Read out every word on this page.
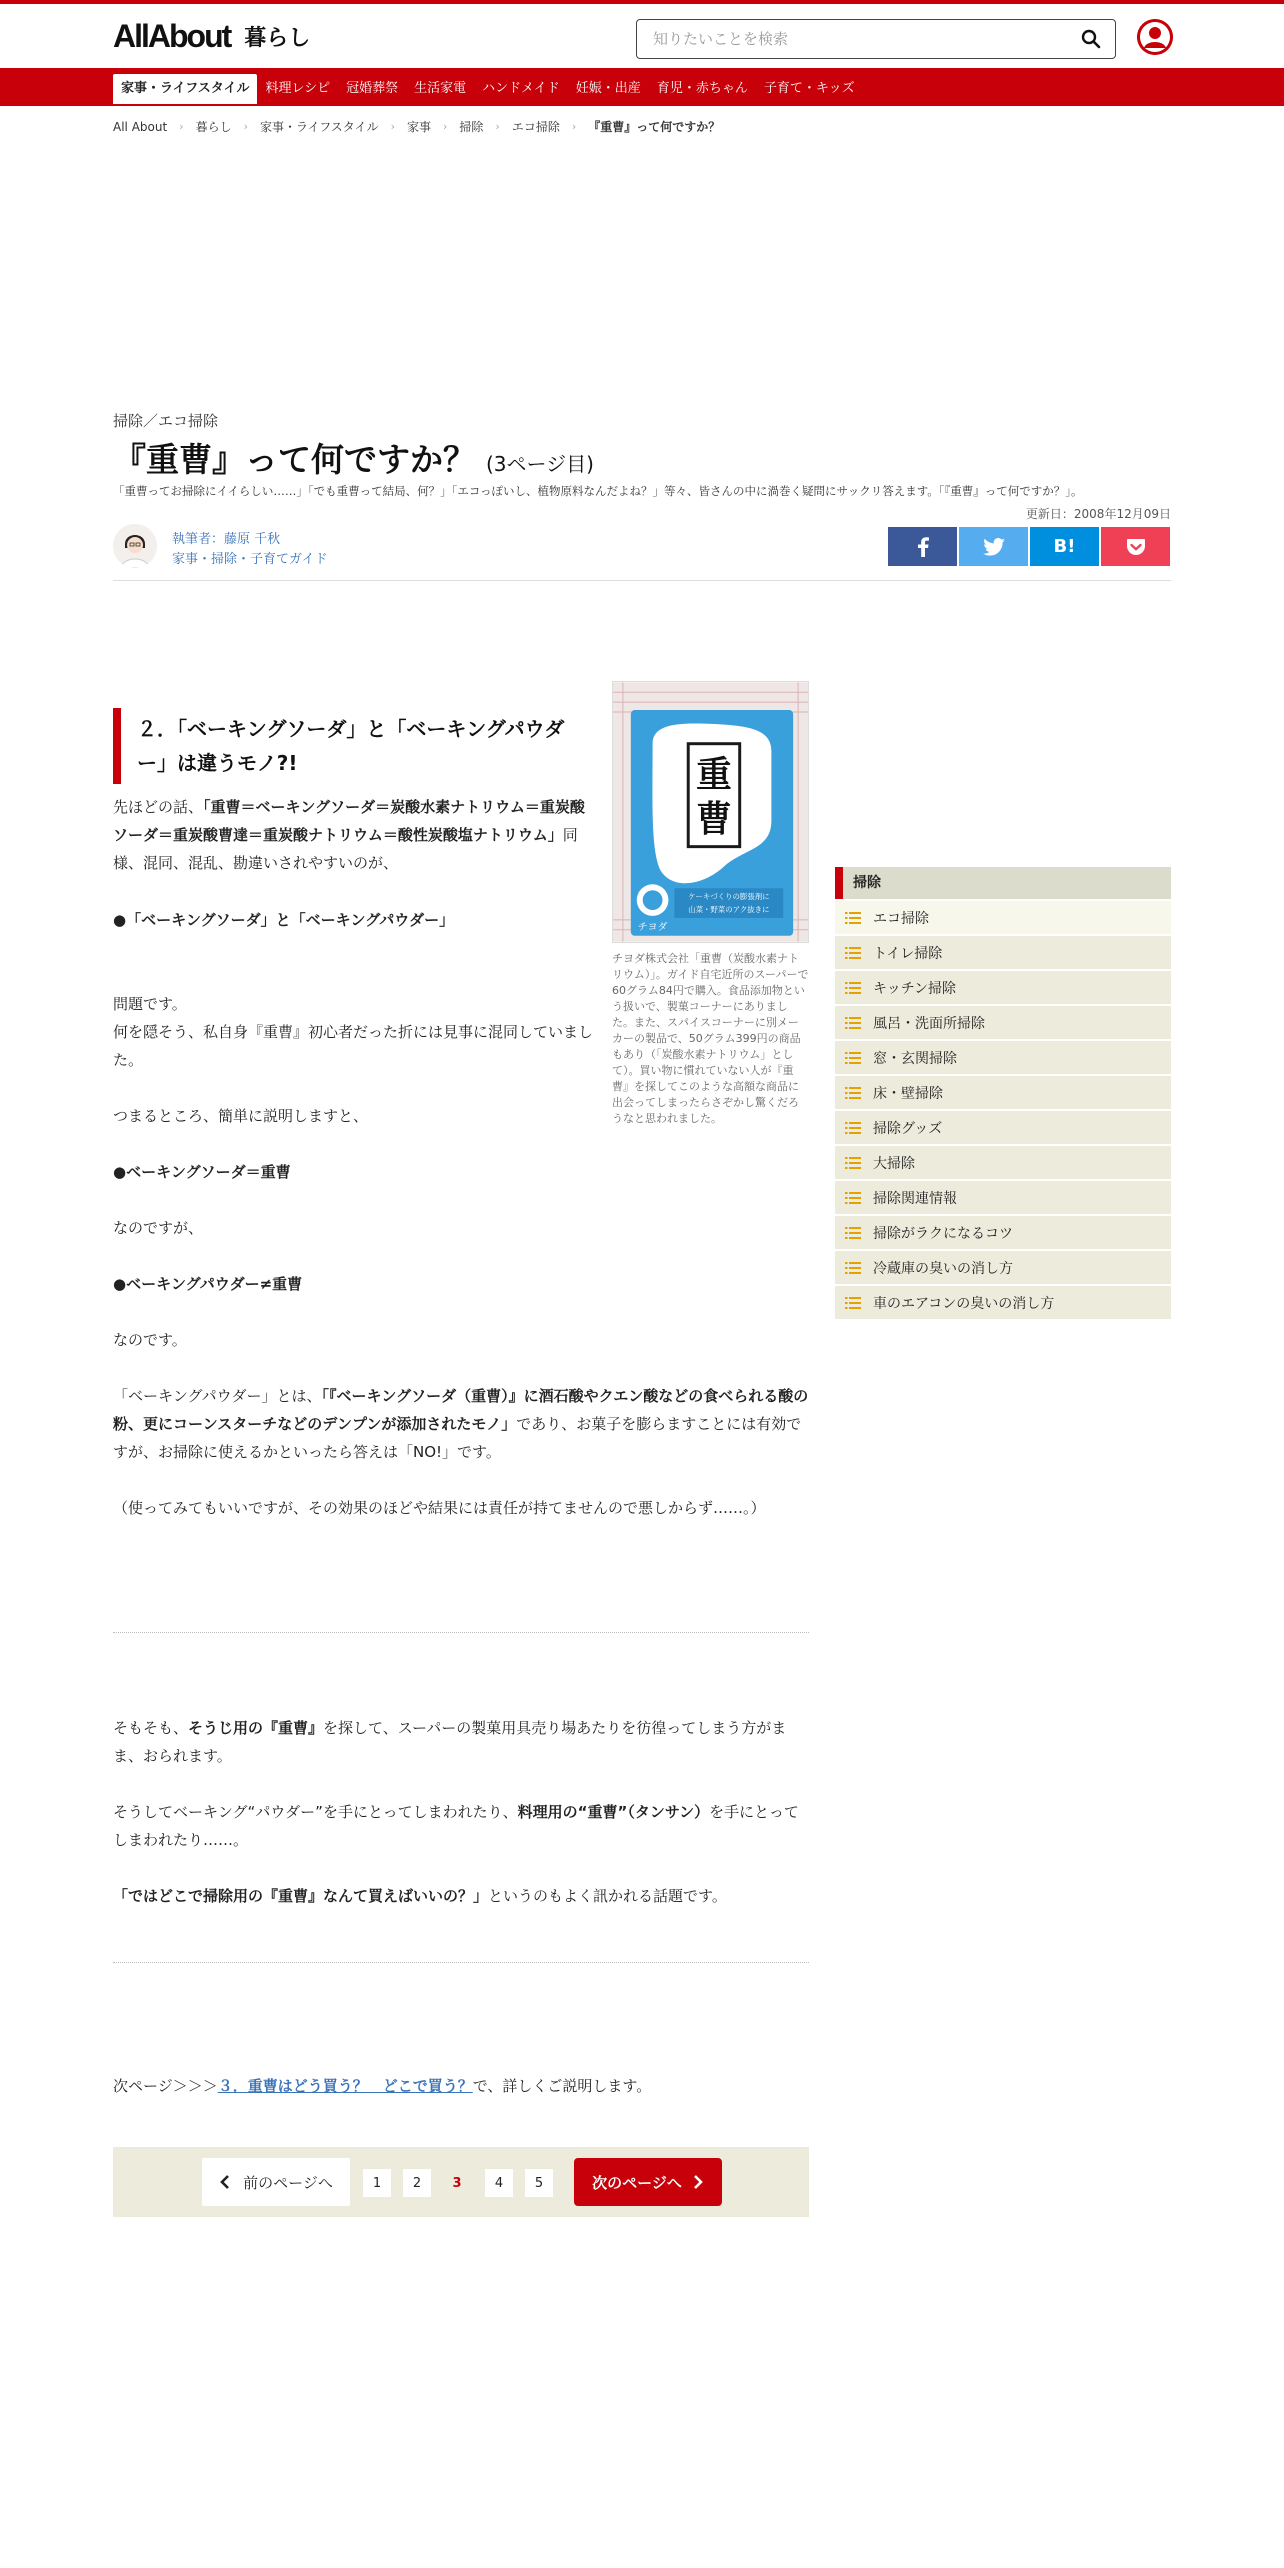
AllAbout 暮らし
知りたいことを検索
家事・ライフスタイル	料理レシピ	冠婚葬祭	生活家電	ハンドメイド	妊娠・出産	育児・赤ちゃん	子育て・キッズ
All About › 暮らし › 家事・ライフスタイル › 家事 › 掃除 › エコ掃除 › 『重曹』って何ですか？
掃除／エコ掃除
『重曹』って何ですか？ (3ページ目)
「重曹ってお掃除にイイらしい……」「でも重曹って結局、何？」「エコっぽいし、植物原料なんだよね？」等々、皆さんの中に渦巻く疑問にサックリ答えます。「『重曹』って何ですか？」。
更新日：2008年12月09日
執筆者：藤原 千秋
家事・掃除・子育てガイド
B!
２．「ベーキングソーダ」と「ベーキングパウダー」は違うモノ?!	重
曹
チヨダ
ケーキづくりの膨張剤に
山菜・野菜のアク抜きに
チヨダ株式会社「重曹（炭酸水素ナトリウム）」。ガイド自宅近所のスーパーで60グラム84円で購入。食品添加物という扱いで、製菓コーナーにありました。また、スパイスコーナーに別メーカーの製品で、50グラム399円の商品もあり（「炭酸水素ナトリウム」として）。買い物に慣れていない人が『重曹』を探してこのような高額な商品に出会ってしまったらさぞかし驚くだろうなと思われました。
先ほどの話、「重曹＝ベーキングソーダ＝炭酸水素ナトリウム＝重炭酸ソーダ＝重炭酸曹達＝重炭酸ナトリウム＝酸性炭酸塩ナトリウム」同様、混同、混乱、勘違いされやすいのが、
●「ベーキングソーダ」と「ベーキングパウダー」
問題です。
何を隠そう、私自身『重曹』初心者だった折には見事に混同していました。
つまるところ、簡単に説明しますと、
●ベーキングソーダ＝重曹
なのですが、
●ベーキングパウダー≠重曹
なのです。
「ベーキングパウダー」とは、「『ベーキングソーダ（重曹）』に酒石酸やクエン酸などの食べられる酸の粉、更にコーンスターチなどのデンプンが添加されたモノ」であり、お菓子を膨らますことには有効ですが、お掃除に使えるかといったら答えは「NO!」です。
（使ってみてもいいですが、その効果のほどや結果には責任が持てませんので悪しからず……。）
そもそも、そうじ用の『重曹』を探して、スーパーの製菓用具売り場あたりを彷徨ってしまう方がまま、おられます。
そうしてベーキング“パウダー”を手にとってしまわれたり、料理用の“重曹”（タンサン）を手にとってしまわれたり……。
「ではどこで掃除用の『重曹』なんて買えばいいの？」というのもよく訊かれる話題です。
次ページ＞＞＞３．重曹はどう買う？　どこで買う？で、詳しくご説明します。
前のページへ	1	2	3	4	5	次のページへ
掃除
エコ掃除
トイレ掃除
キッチン掃除
風呂・洗面所掃除
窓・玄関掃除
床・壁掃除
掃除グッズ
大掃除
掃除関連情報
掃除がラクになるコツ
冷蔵庫の臭いの消し方
車のエアコンの臭いの消し方
